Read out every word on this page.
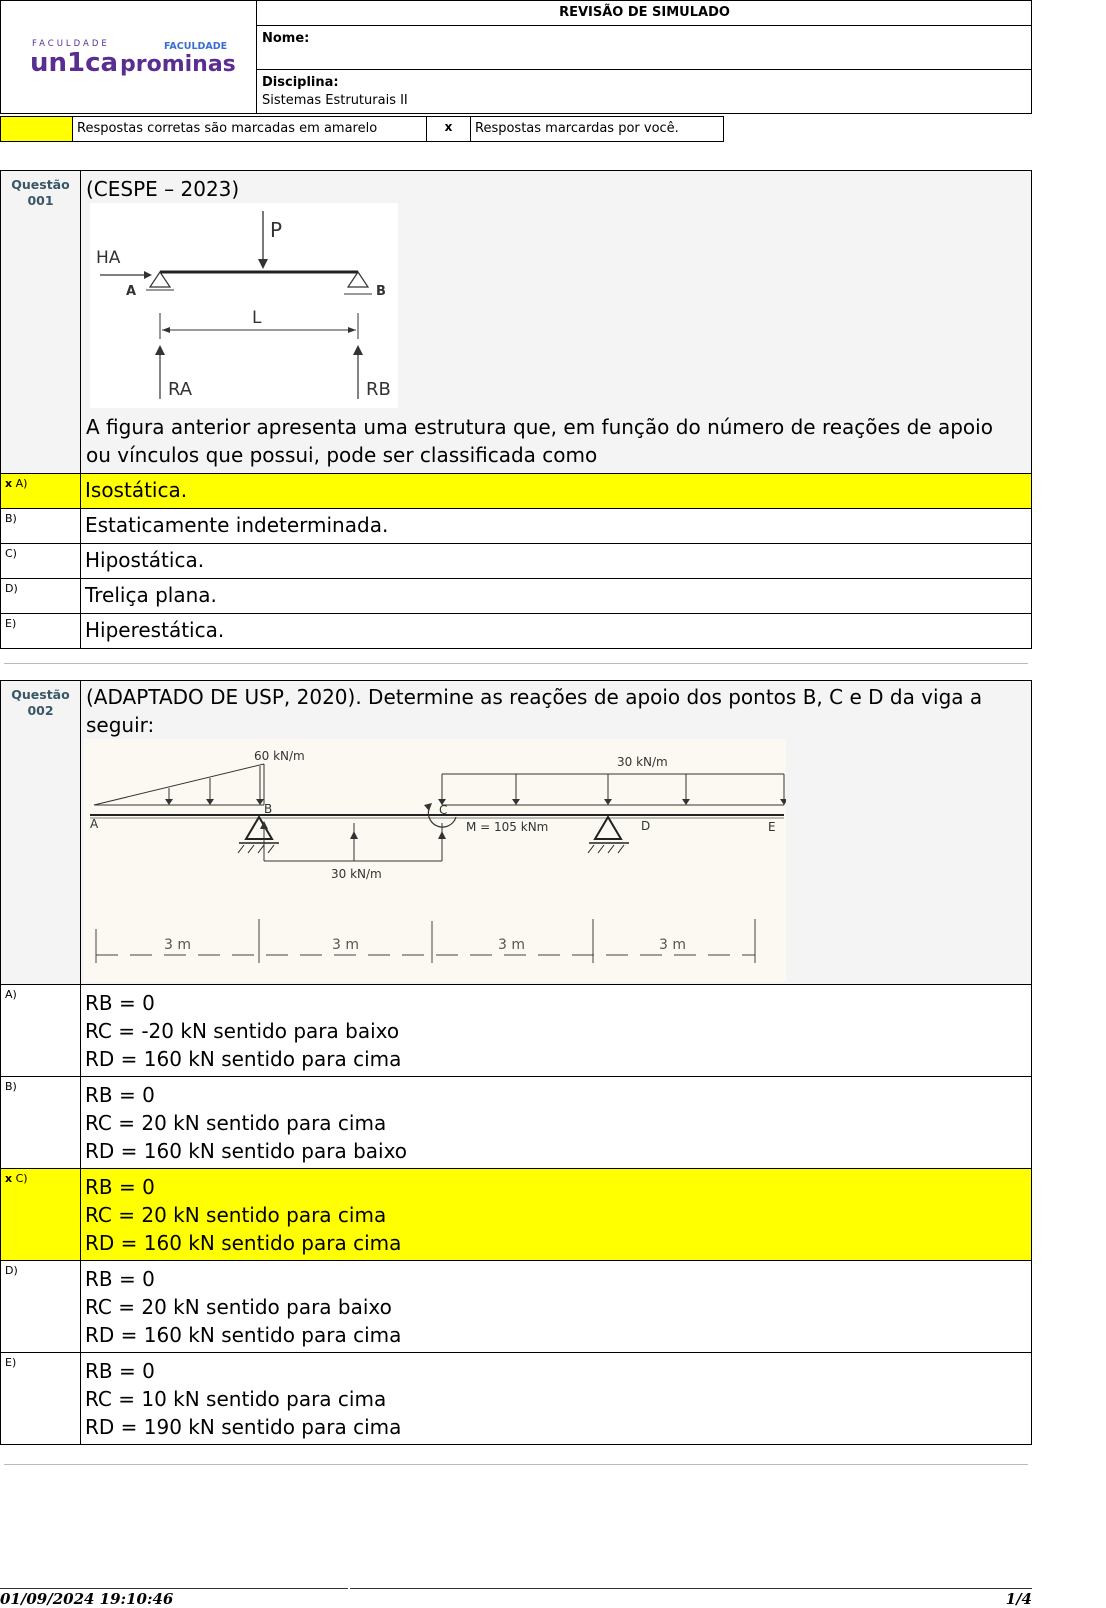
FACULDADE
un1ca
FACULDADE
prominas
REVISÃO DE SIMULADO
Nome:
Disciplina:
Sistemas Estruturais II
Respostas corretas são marcadas em amarelo	x	Respostas marcardas por você.
Questão
001	(CESPE – 2023)
P
HA
A	B
L
RA	RB
A figura anterior apresenta uma estrutura que, em função do número de reações de apoio ou vínculos que possui, pode ser classificada como
x A)	Isostática.
B)	Estaticamente indeterminada.
C)	Hipostática.
D)	Treliça plana.
E)	Hiperestática.
Questão
002
(ADAPTADO DE USP, 2020). Determine as reações de apoio dos pontos B, C e D da viga a seguir:
60 kN/m	30 kN/m
30 kN/m
M = 105 kNm
A
B	C
D	E
3 m	3 m	3 m	3 m
A)	RB = 0
RC = -20 kN sentido para baixo
RD = 160 kN sentido para cima
B)	RB = 0
RC = 20 kN sentido para cima
RD = 160 kN sentido para baixo
x C)	RB = 0
RC = 20 kN sentido para cima
RD = 160 kN sentido para cima
D)	RB = 0
RC = 20 kN sentido para baixo
RD = 160 kN sentido para cima
E)	RB = 0
RC = 10 kN sentido para cima
RD = 190 kN sentido para cima
01/09/2024 19:10:46	1/4
